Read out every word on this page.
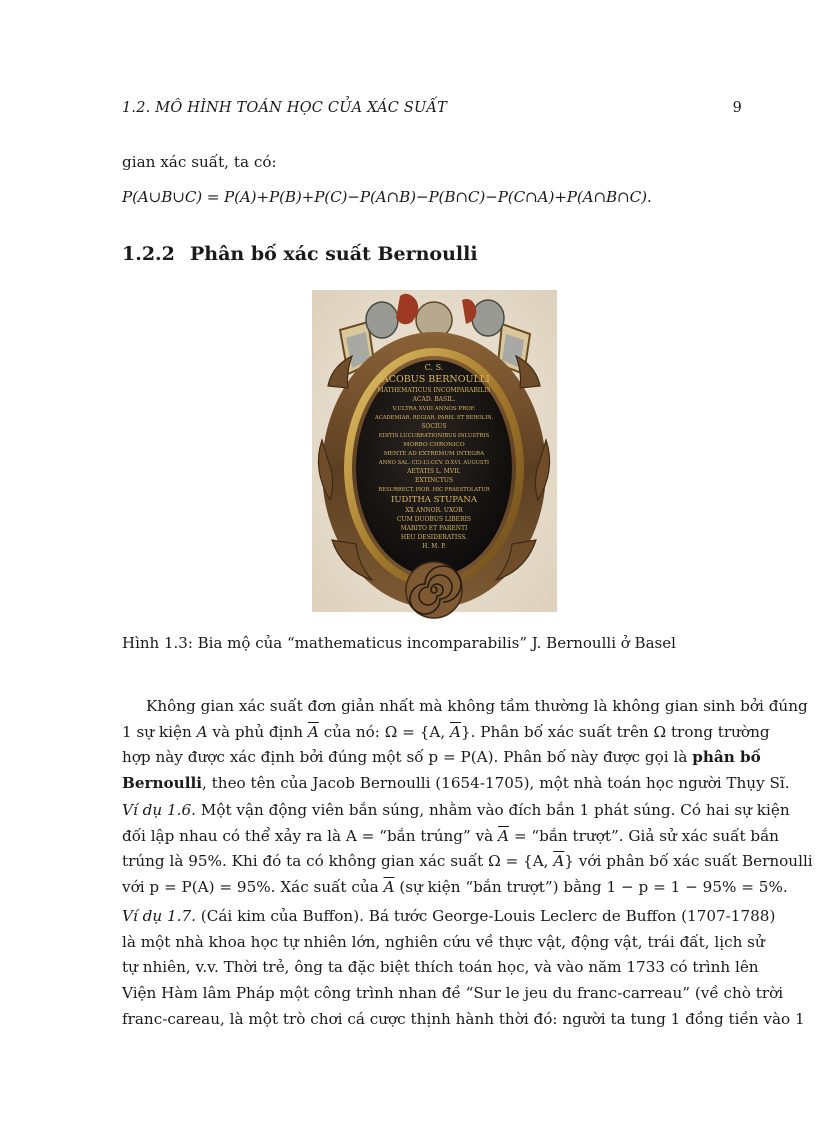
1.2. MÔ HÌNH TOÁN HỌC CỦA XÁC SUẤT	9
gian xác suất, ta có:
P(A∪B∪C) = P(A)+P(B)+P(C)−P(A∩B)−P(B∩C)−P(C∩A)+P(A∩B∩C).
1.2.2 Phân bố xác suất Bernoulli
C. S.
IACOBUS BERNOULLI
MATHEMATICUS INCOMPARABILIS
ACAD. BASIL.
V.ULTRA XVIII ANNOS PROF.
ACADEMIAR. REGIAR. PARIS. ET BEROLIN.
SOCIUS
EDITIS LUCUBRATIONIBUS INLUSTRIS
MORBO CHRONICO
MENTE AD EXTREMUM INTEGRA
ANNO SAL. CIƆ.IƆ.CCV. D.XVI. AUGUSTI
AETATIS L. MVII.
EXTINCTUS
RESURRECT. PIOR. HIC PRAESTOLATUR
IUDITHA STUPANA
XX ANNOR. UXOR
CUM DUOBUS LIBERIS
MARITO ET PARENTI
HEU DESIDERATISS.
H. M. P.
Hình 1.3: Bia mộ của “mathematicus incomparabilis” J. Bernoulli ở Basel
Không gian xác suất đơn giản nhất mà không tầm thường là không gian sinh bởi đúng
1 sự kiện A và phủ định $\overline{A}$ của nó: Ω = {A, $\overline{A}$}. Phân bố xác suất trên Ω trong trường
hợp này được xác định bởi đúng một số p = P(A). Phân bố này được gọi là phân bố
Bernoulli, theo tên của Jacob Bernoulli (1654-1705), một nhà toán học người Thụy Sĩ.
Ví dụ 1.6. Một vận động viên bắn súng, nhằm vào đích bắn 1 phát súng. Có hai sự kiện
đối lập nhau có thể xảy ra là A = “bắn trúng” và $\overline{A}$ = “bắn trượt”. Giả sử xác suất bắn
trúng là 95%. Khi đó ta có không gian xác suất Ω = {A, $\overline{A}$} với phân bố xác suất Bernoulli
với p = P(A) = 95%. Xác suất của $\overline{A}$ (sự kiện “bắn trượt”) bằng 1 − p = 1 − 95% = 5%.
Ví dụ 1.7. (Cái kim của Buffon). Bá tước George-Louis Leclerc de Buffon (1707-1788)
là một nhà khoa học tự nhiên lớn, nghiên cứu về thực vật, động vật, trái đất, lịch sử
tự nhiên, v.v. Thời trẻ, ông ta đặc biệt thích toán học, và vào năm 1733 có trình lên
Viện Hàm lâm Pháp một công trình nhan đề “Sur le jeu du franc-carreau” (về chò trời
franc-careau, là một trò chơi cá cược thịnh hành thời đó: người ta tung 1 đồng tiền vào 1
